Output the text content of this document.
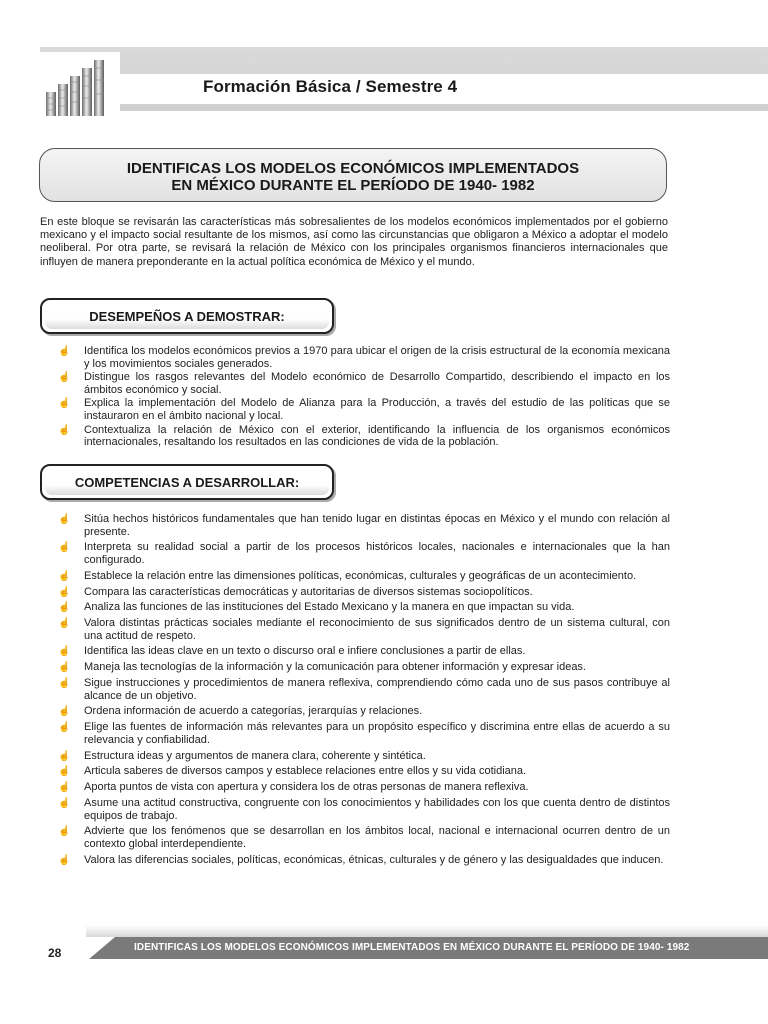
Formación Básica / Semestre 4
IDENTIFICAS LOS MODELOS ECONÓMICOS IMPLEMENTADOS
EN MÉXICO DURANTE EL PERÍODO DE 1940- 1982
En este bloque se revisarán las características más sobresalientes de los modelos económicos implementados por el gobierno mexicano y el impacto social resultante de los mismos, así como las circunstancias que obligaron a México a adoptar el modelo neoliberal. Por otra parte, se revisará la relación de México con los principales organismos financieros internacionales que influyen de manera preponderante en la actual política económica de México y el mundo.
DESEMPEÑOS A DEMOSTRAR:
☝ Identifica los modelos económicos previos a 1970 para ubicar el origen de la crisis estructural de la economía mexicana y los movimientos sociales generados.
☝ Distingue los rasgos relevantes del Modelo económico de Desarrollo Compartido, describiendo el impacto en los ámbitos económico y social.
☝ Explica la implementación del Modelo de Alianza para la Producción, a través del estudio de las políticas que se instauraron en el ámbito nacional y local.
☝ Contextualiza la relación de México con el exterior, identificando la influencia de los organismos económicos internacionales, resaltando los resultados en las condiciones de vida de la población.
COMPETENCIAS A DESARROLLAR:
☝ Sitúa hechos históricos fundamentales que han tenido lugar en distintas épocas en México y el mundo con relación al presente.
☝ Interpreta su realidad social a partir de los procesos históricos locales, nacionales e internacionales que la han configurado.
☝ Establece la relación entre las dimensiones políticas, económicas, culturales y geográficas de un acontecimiento.
☝ Compara las características democráticas y autoritarias de diversos sistemas sociopolíticos.
☝ Analiza las funciones de las instituciones del Estado Mexicano y la manera en que impactan su vida.
☝ Valora distintas prácticas sociales mediante el reconocimiento de sus significados dentro de un sistema cultural, con una actitud de respeto.
☝ Identifica las ideas clave en un texto o discurso oral e infiere conclusiones a partir de ellas.
☝ Maneja las tecnologías de la información y la comunicación para obtener información y expresar ideas.
☝ Sigue instrucciones y procedimientos de manera reflexiva, comprendiendo cómo cada uno de sus pasos contribuye al alcance de un objetivo.
☝ Ordena información de acuerdo a categorías, jerarquías y relaciones.
☝ Elige las fuentes de información más relevantes para un propósito específico y discrimina entre ellas de acuerdo a su relevancia y confiabilidad.
☝ Estructura ideas y argumentos de manera clara, coherente y sintética.
☝ Articula saberes de diversos campos y establece relaciones entre ellos y su vida cotidiana.
☝ Aporta puntos de vista con apertura y considera los de otras personas de manera reflexiva.
☝ Asume una actitud constructiva, congruente con los conocimientos y habilidades con los que cuenta dentro de distintos equipos de trabajo.
☝ Advierte que los fenómenos que se desarrollan en los ámbitos local, nacional e internacional ocurren dentro de un contexto global interdependiente.
☝ Valora las diferencias sociales, políticas, económicas, étnicas, culturales y de género y las desigualdades que inducen.
IDENTIFICAS LOS MODELOS ECONÓMICOS IMPLEMENTADOS EN MÉXICO DURANTE EL PERÍODO DE 1940- 1982
28
